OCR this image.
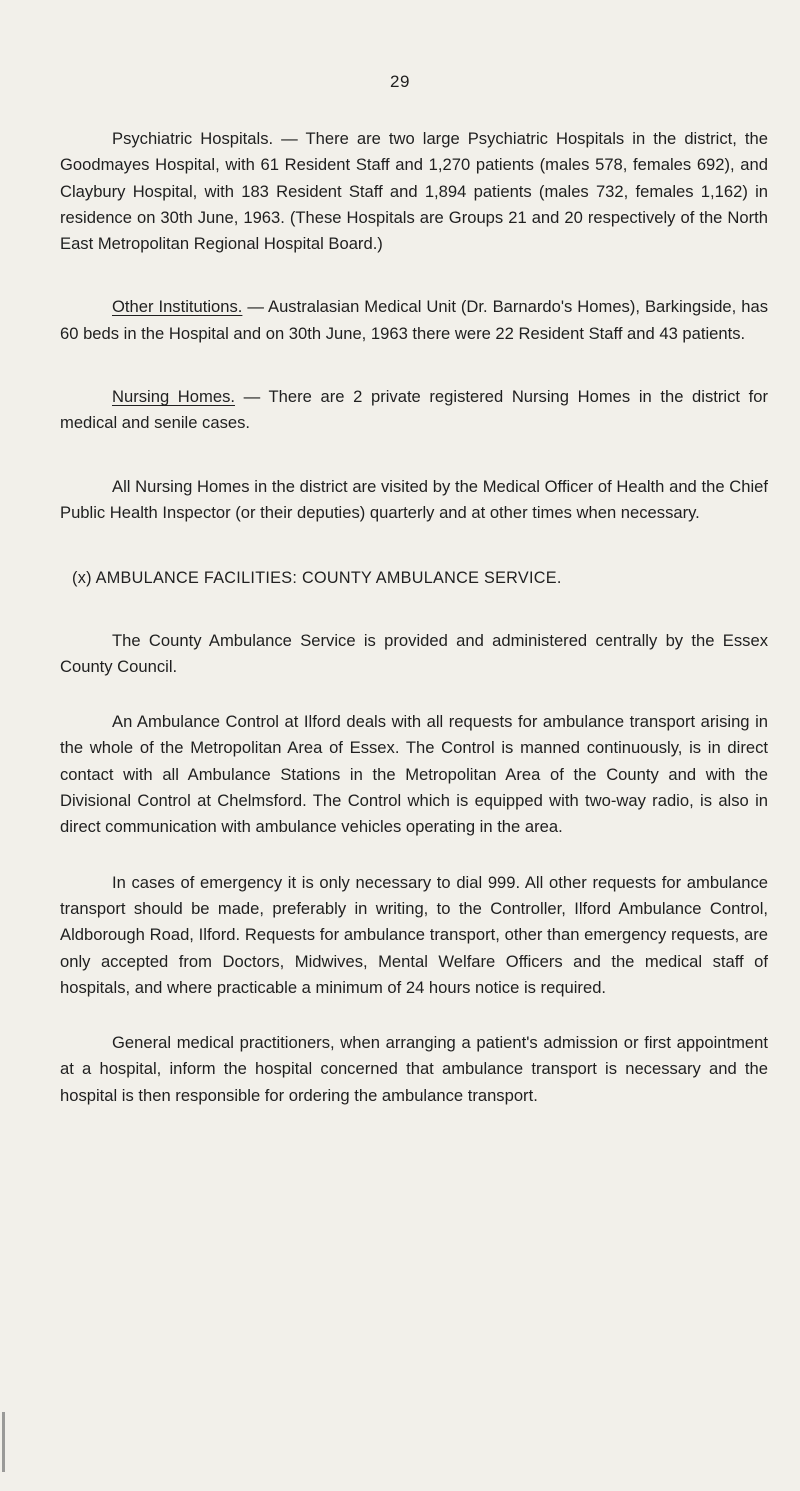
29

Psychiatric Hospitals. — There are two large Psychiatric Hospitals in the district, the Goodmayes Hospital, with 61 Resident Staff and 1,270 patients (males 578, females 692), and Claybury Hospital, with 183 Resident Staff and 1,894 patients (males 732, females 1,162) in residence on 30th June, 1963. (These Hospitals are Groups 21 and 20 respectively of the North East Metropolitan Regional Hospital Board.)

Other Institutions. — Australasian Medical Unit (Dr. Barnardo's Homes), Barkingside, has 60 beds in the Hospital and on 30th June, 1963 there were 22 Resident Staff and 43 patients.

Nursing Homes. — There are 2 private registered Nursing Homes in the district for medical and senile cases.

All Nursing Homes in the district are visited by the Medical Officer of Health and the Chief Public Health Inspector (or their deputies) quarterly and at other times when necessary.

(x) AMBULANCE FACILITIES: COUNTY AMBULANCE SERVICE.

The County Ambulance Service is provided and administered centrally by the Essex County Council.

An Ambulance Control at Ilford deals with all requests for ambulance transport arising in the whole of the Metropolitan Area of Essex. The Control is manned continuously, is in direct contact with all Ambulance Stations in the Metropolitan Area of the County and with the Divisional Control at Chelmsford. The Control which is equipped with two-way radio, is also in direct communication with ambulance vehicles operating in the area.

In cases of emergency it is only necessary to dial 999. All other requests for ambulance transport should be made, preferably in writing, to the Controller, Ilford Ambulance Control, Aldborough Road, Ilford. Requests for ambulance transport, other than emergency requests, are only accepted from Doctors, Midwives, Mental Welfare Officers and the medical staff of hospitals, and where practicable a minimum of 24 hours notice is required.

General medical practitioners, when arranging a patient's admission or first appointment at a hospital, inform the hospital concerned that ambulance transport is necessary and the hospital is then responsible for ordering the ambulance transport.
